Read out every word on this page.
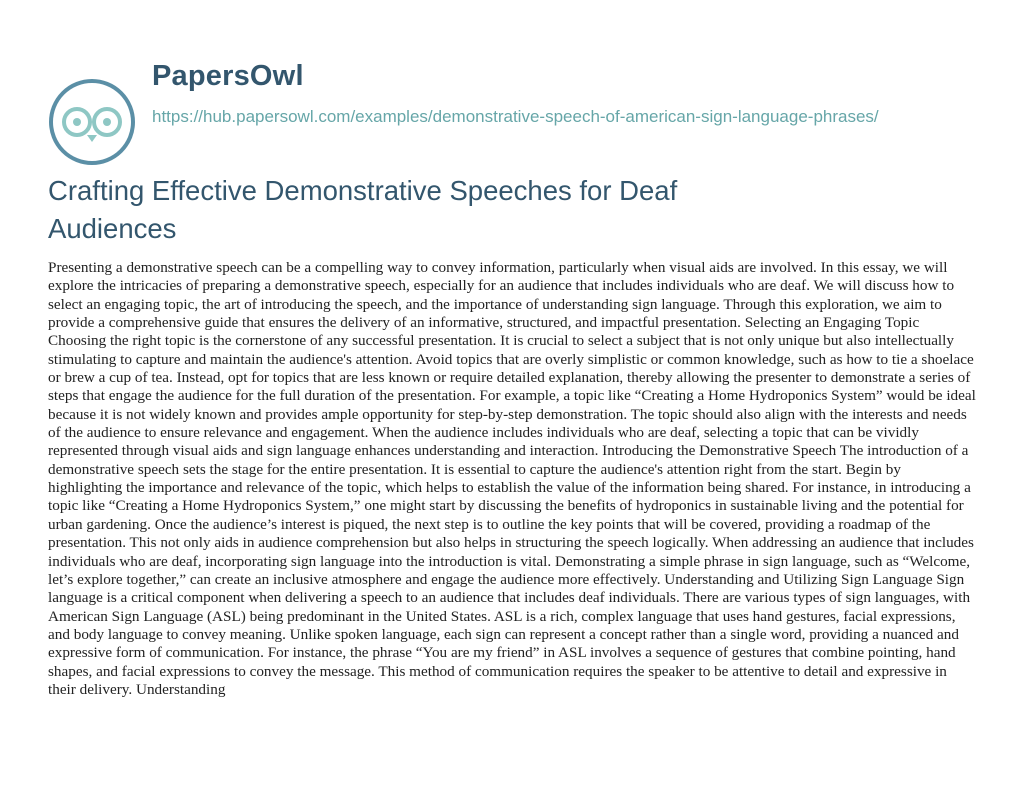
PapersOwl
https://hub.papersowl.com/examples/demonstrative-speech-of-american-sign-language-phrases/
Crafting Effective Demonstrative Speeches for Deaf Audiences

Presenting a demonstrative speech can be a compelling way to convey information, particularly when visual aids are involved. In this essay, we will explore the intricacies of preparing a demonstrative speech, especially for an audience that includes individuals who are deaf. We will discuss how to select an engaging topic, the art of introducing the speech, and the importance of understanding sign language. Through this exploration, we aim to provide a comprehensive guide that ensures the delivery of an informative, structured, and impactful presentation. Selecting an Engaging Topic Choosing the right topic is the cornerstone of any successful presentation. It is crucial to select a subject that is not only unique but also intellectually stimulating to capture and maintain the audience's attention. Avoid topics that are overly simplistic or common knowledge, such as how to tie a shoelace or brew a cup of tea. Instead, opt for topics that are less known or require detailed explanation, thereby allowing the presenter to demonstrate a series of steps that engage the audience for the full duration of the presentation. For example, a topic like “Creating a Home Hydroponics System” would be ideal because it is not widely known and provides ample opportunity for step-by-step demonstration. The topic should also align with the interests and needs of the audience to ensure relevance and engagement. When the audience includes individuals who are deaf, selecting a topic that can be vividly represented through visual aids and sign language enhances understanding and interaction. Introducing the Demonstrative Speech The introduction of a demonstrative speech sets the stage for the entire presentation. It is essential to capture the audience's attention right from the start. Begin by highlighting the importance and relevance of the topic, which helps to establish the value of the information being shared. For instance, in introducing a topic like “Creating a Home Hydroponics System,” one might start by discussing the benefits of hydroponics in sustainable living and the potential for urban gardening. Once the audience’s interest is piqued, the next step is to outline the key points that will be covered, providing a roadmap of the presentation. This not only aids in audience comprehension but also helps in structuring the speech logically. When addressing an audience that includes individuals who are deaf, incorporating sign language into the introduction is vital. Demonstrating a simple phrase in sign language, such as “Welcome, let’s explore together,” can create an inclusive atmosphere and engage the audience more effectively. Understanding and Utilizing Sign Language Sign language is a critical component when delivering a speech to an audience that includes deaf individuals. There are various types of sign languages, with American Sign Language (ASL) being predominant in the United States. ASL is a rich, complex language that uses hand gestures, facial expressions, and body language to convey meaning. Unlike spoken language, each sign can represent a concept rather than a single word, providing a nuanced and expressive form of communication. For instance, the phrase “You are my friend” in ASL involves a sequence of gestures that combine pointing, hand shapes, and facial expressions to convey the message. This method of communication requires the speaker to be attentive to detail and expressive in their delivery. Understanding
